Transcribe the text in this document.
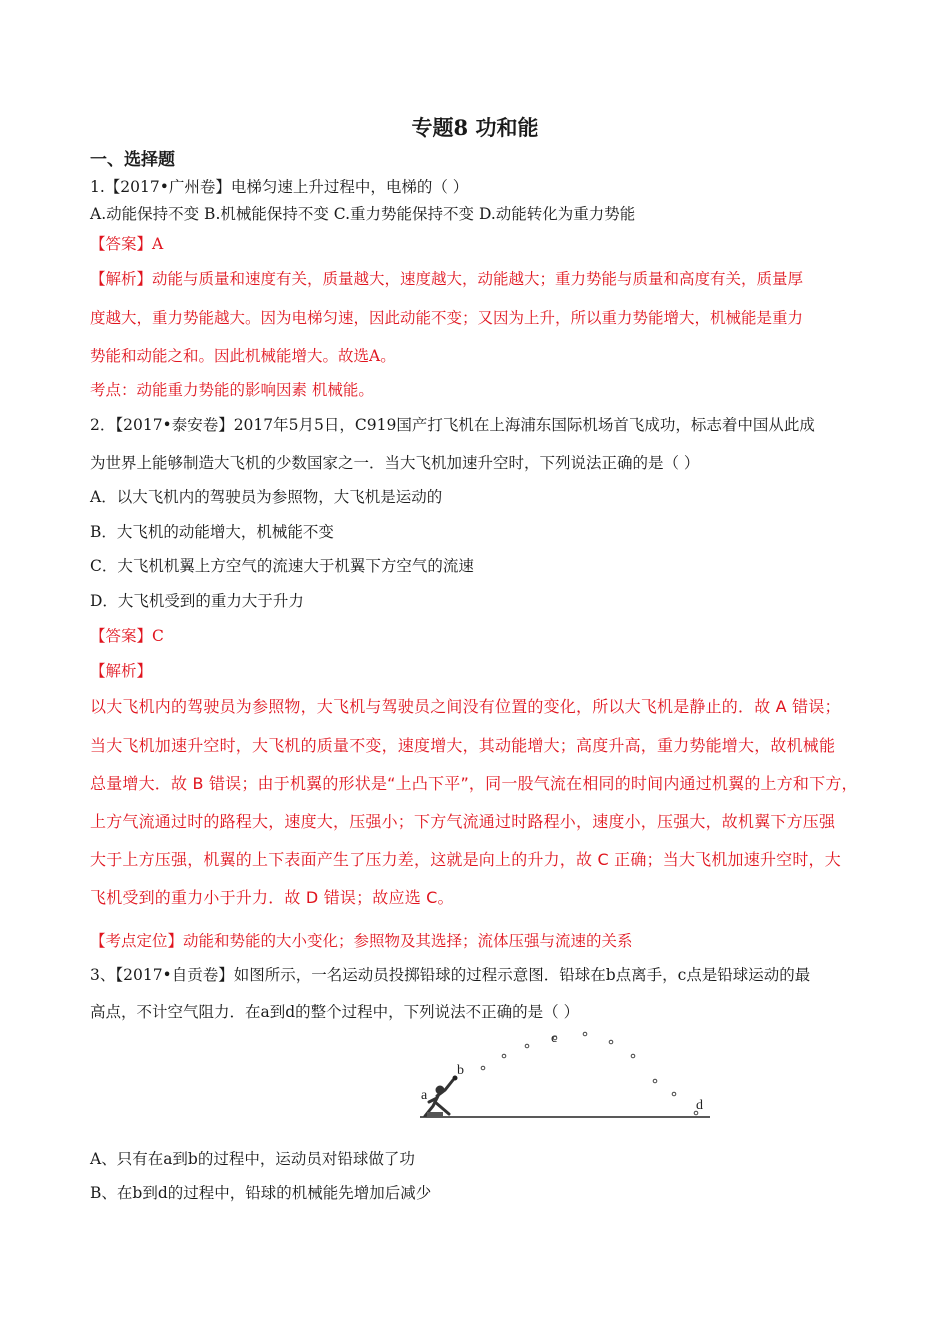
专题8 功和能
一、选择题
1.【2017•广州卷】电梯匀速上升过程中，电梯的（ ）
A.动能保持不变 B.机械能保持不变 C.重力势能保持不变 D.动能转化为重力势能
【答案】A
【解析】动能与质量和速度有关，质量越大，速度越大，动能越大；重力势能与质量和高度有关，质量厚
度越大，重力势能越大。因为电梯匀速，因此动能不变；又因为上升，所以重力势能增大，机械能是重力
势能和动能之和。因此机械能增大。故选A。
考点：动能重力势能的影响因素 机械能。
2．【2017•泰安卷】2017年5月5日，C919国产打飞机在上海浦东国际机场首飞成功，标志着中国从此成
为世界上能够制造大飞机的少数国家之一．当大飞机加速升空时，下列说法正确的是（ ）
A．以大飞机内的驾驶员为参照物，大飞机是运动的
B．大飞机的动能增大，机械能不变
C．大飞机机翼上方空气的流速大于机翼下方空气的流速
D．大飞机受到的重力大于升力
【答案】C
【解析】
以大飞机内的驾驶员为参照物，大飞机与驾驶员之间没有位置的变化，所以大飞机是静止的．故 A 错误；
当大飞机加速升空时，大飞机的质量不变，速度增大，其动能增大；高度升高，重力势能增大，故机械能
总量增大．故 B 错误；由于机翼的形状是“上凸下平”，同一股气流在相同的时间内通过机翼的上方和下方，
上方气流通过时的路程大，速度大，压强小；下方气流通过时路程小，速度小，压强大，故机翼下方压强
大于上方压强，机翼的上下表面产生了压力差，这就是向上的升力，故 C 正确；当大飞机加速升空时，大
飞机受到的重力小于升力．故 D 错误；故应选 C。
【考点定位】动能和势能的大小变化；参照物及其选择；流体压强与流速的关系
3、【2017•自贡卷】如图所示，一名运动员投掷铅球的过程示意图．铅球在b点离手，c点是铅球运动的最
高点，不计空气阻力．在a到d的整个过程中，下列说法不正确的是（ ）
a
b
c
d
A、只有在a到b的过程中，运动员对铅球做了功
B、在b到d的过程中，铅球的机械能先增加后减少
